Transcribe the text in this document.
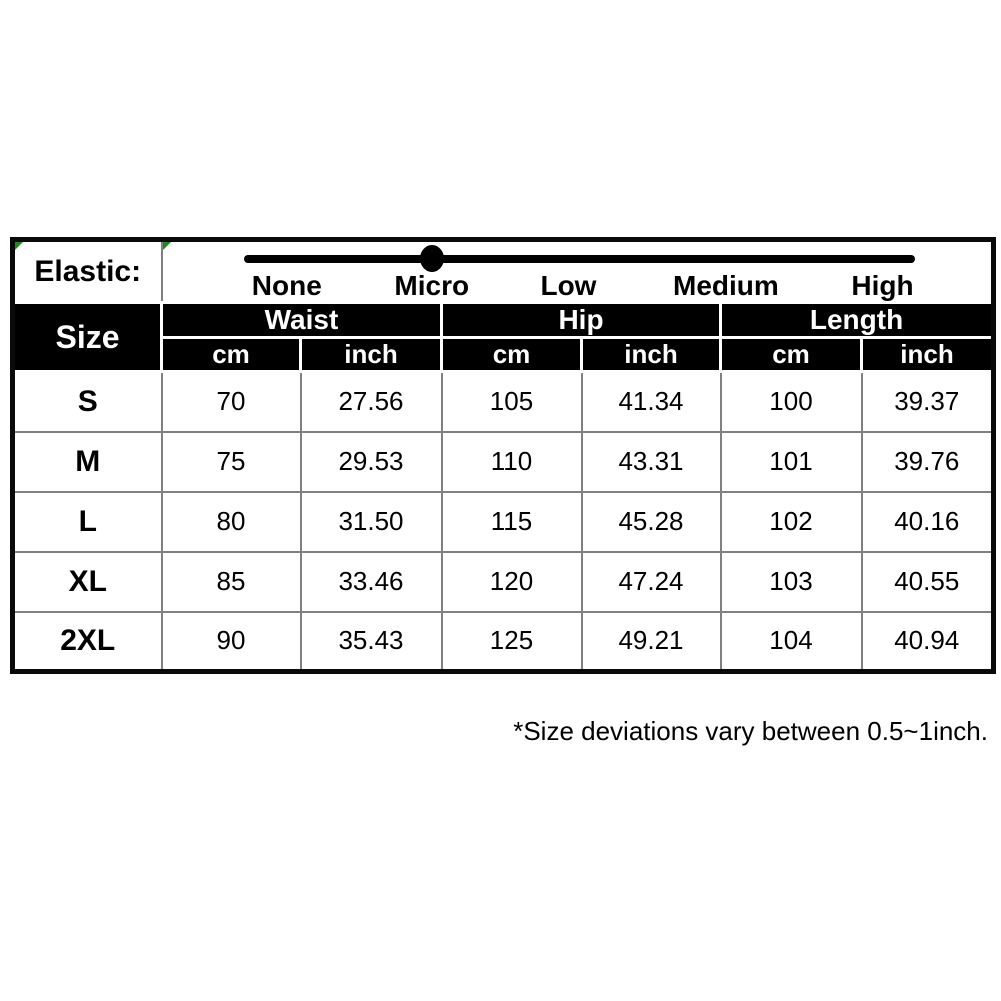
Elastic:	None Micro Low Medium High					

Size	Waist		Hip		Length	
	cm	inch	cm	inch	cm	inch
S	70	27.56	105	41.34	100	39.37
M	75	29.53	110	43.31	101	39.76
L	80	31.50	115	45.28	102	40.16
XL	85	33.46	120	47.24	103	40.55
2XL	90	35.43	125	49.21	104	40.94
*Size deviations vary between 0.5~1inch.
